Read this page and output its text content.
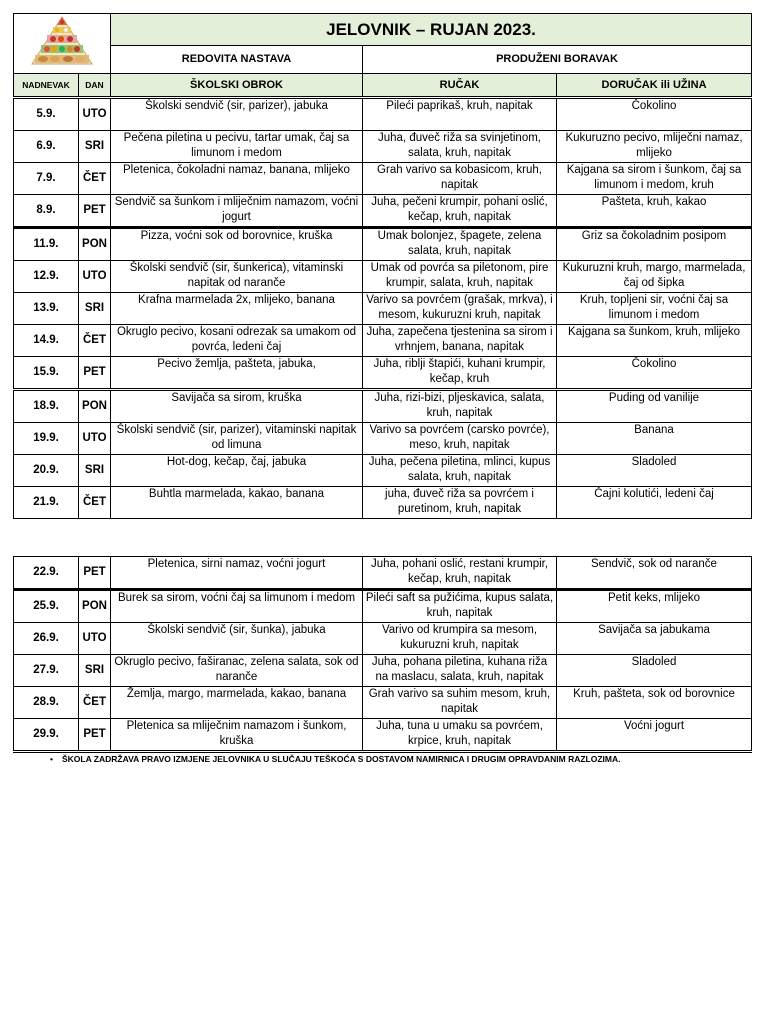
	JELOVNIK – RUJAN 2023.		
		REDOVITA NASTAVA	PRODUŽENI BORAVAK	
NADNEVAK	DAN	ŠKOLSKI OBROK	RUČAK	DORUČAK ili UŽINA
5.9.	UTO	Školski sendvič (sir, parizer), jabuka	Pileći paprikaš, kruh, napitak	Čokolino
6.9.	SRI	Pečena piletina u pecivu, tartar umak, čaj sa limunom i medom	Juha, đuveč riža sa svinjetinom, salata, kruh, napitak	Kukuruzno pecivo, mliječni namaz, mlijeko
7.9.	ČET	Pletenica, čokoladni namaz, banana, mlijeko	Grah varivo sa kobasicom, kruh, napitak	Kajgana sa sirom i šunkom, čaj sa limunom i medom, kruh
8.9.	PET	Sendvič sa šunkom i mliječnim namazom, voćni jogurt	Juha, pečeni krumpir, pohani oslić, kečap, kruh, napitak	Pašteta, kruh, kakao
11.9.	PON	Pizza, voćni sok od borovnice, kruška	Umak bolonjez, špagete, zelena salata, kruh, napitak	Griz sa čokoladnim posipom
12.9.	UTO	Školski sendvič (sir, šunkerica), vitaminski napitak od naranče	Umak od povrća sa piletonom, pire krumpir, salata, kruh, napitak	Kukuruzni kruh, margo, marmelada, čaj od šipka
13.9.	SRI	Krafna marmelada 2x, mlijeko, banana	Varivo sa povrćem (grašak, mrkva), i mesom, kukuruzni kruh, napitak	Kruh, topljeni sir, voćni čaj sa limunom i medom
14.9.	ČET	Okruglo pecivo, kosani odrezak sa umakom od povrća, ledeni čaj	Juha, zapečena tjestenina sa sirom i vrhnjem, banana, napitak	Kajgana sa šunkom, kruh, mlijeko
15.9.	PET	Pecivo žemlja, pašteta, jabuka,	Juha, riblji štapići, kuhani krumpir, kečap, kruh	Čokolino
18.9.	PON	Savijača sa sirom, kruška	Juha, rizi-bizi, pljeskavica, salata, kruh, napitak	Puding od vanilije
19.9.	UTO	Školski sendvič (sir, parizer), vitaminski napitak od limuna	Varivo sa povrćem (carsko povrće), meso, kruh, napitak	Banana
20.9.	SRI	Hot-dog, kečap, čaj, jabuka	Juha, pečena piletina, mlinci, kupus salata, kruh, napitak	Sladoled
21.9.	ČET	Buhtla marmelada, kakao, banana	juha, đuveč riža sa povrćem i puretinom, kruh, napitak	Čajni kolutići, ledeni čaj
22.9.	PET	Pletenica, sirni namaz, voćni jogurt	Juha, pohani oslić, restani krumpir, kečap, kruh, napitak	Sendvič, sok od naranče
25.9.	PON	Burek sa sirom, voćni čaj sa limunom i medom	Pileći saft sa pužićima, kupus salata, kruh, napitak	Petit keks, mlijeko
26.9.	UTO	Školski sendvič (sir, šunka), jabuka	Varivo od krumpira sa mesom, kukuruzni kruh, napitak	Savijača sa jabukama
27.9.	SRI	Okruglo pecivo, faširanac, zelena salata, sok od naranče	Juha, pohana piletina, kuhana riža na maslacu, salata, kruh, napitak	Sladoled
28.9.	ČET	Žemlja, margo, marmelada, kakao, banana	Grah varivo sa suhim mesom, kruh, napitak	Kruh, pašteta, sok od borovnice
29.9.	PET	Pletenica sa mliječnim namazom i šunkom, kruška	Juha, tuna u umaku sa povrćem, krpice, kruh, napitak	Voćni jogurt
• ŠKOLA ZADRŽAVA PRAVO IZMJENE JELOVNIKA U SLUČAJU TEŠKOĆA S DOSTAVOM NAMIRNICA I DRUGIM OPRAVDANIM RAZLOZIMA.
